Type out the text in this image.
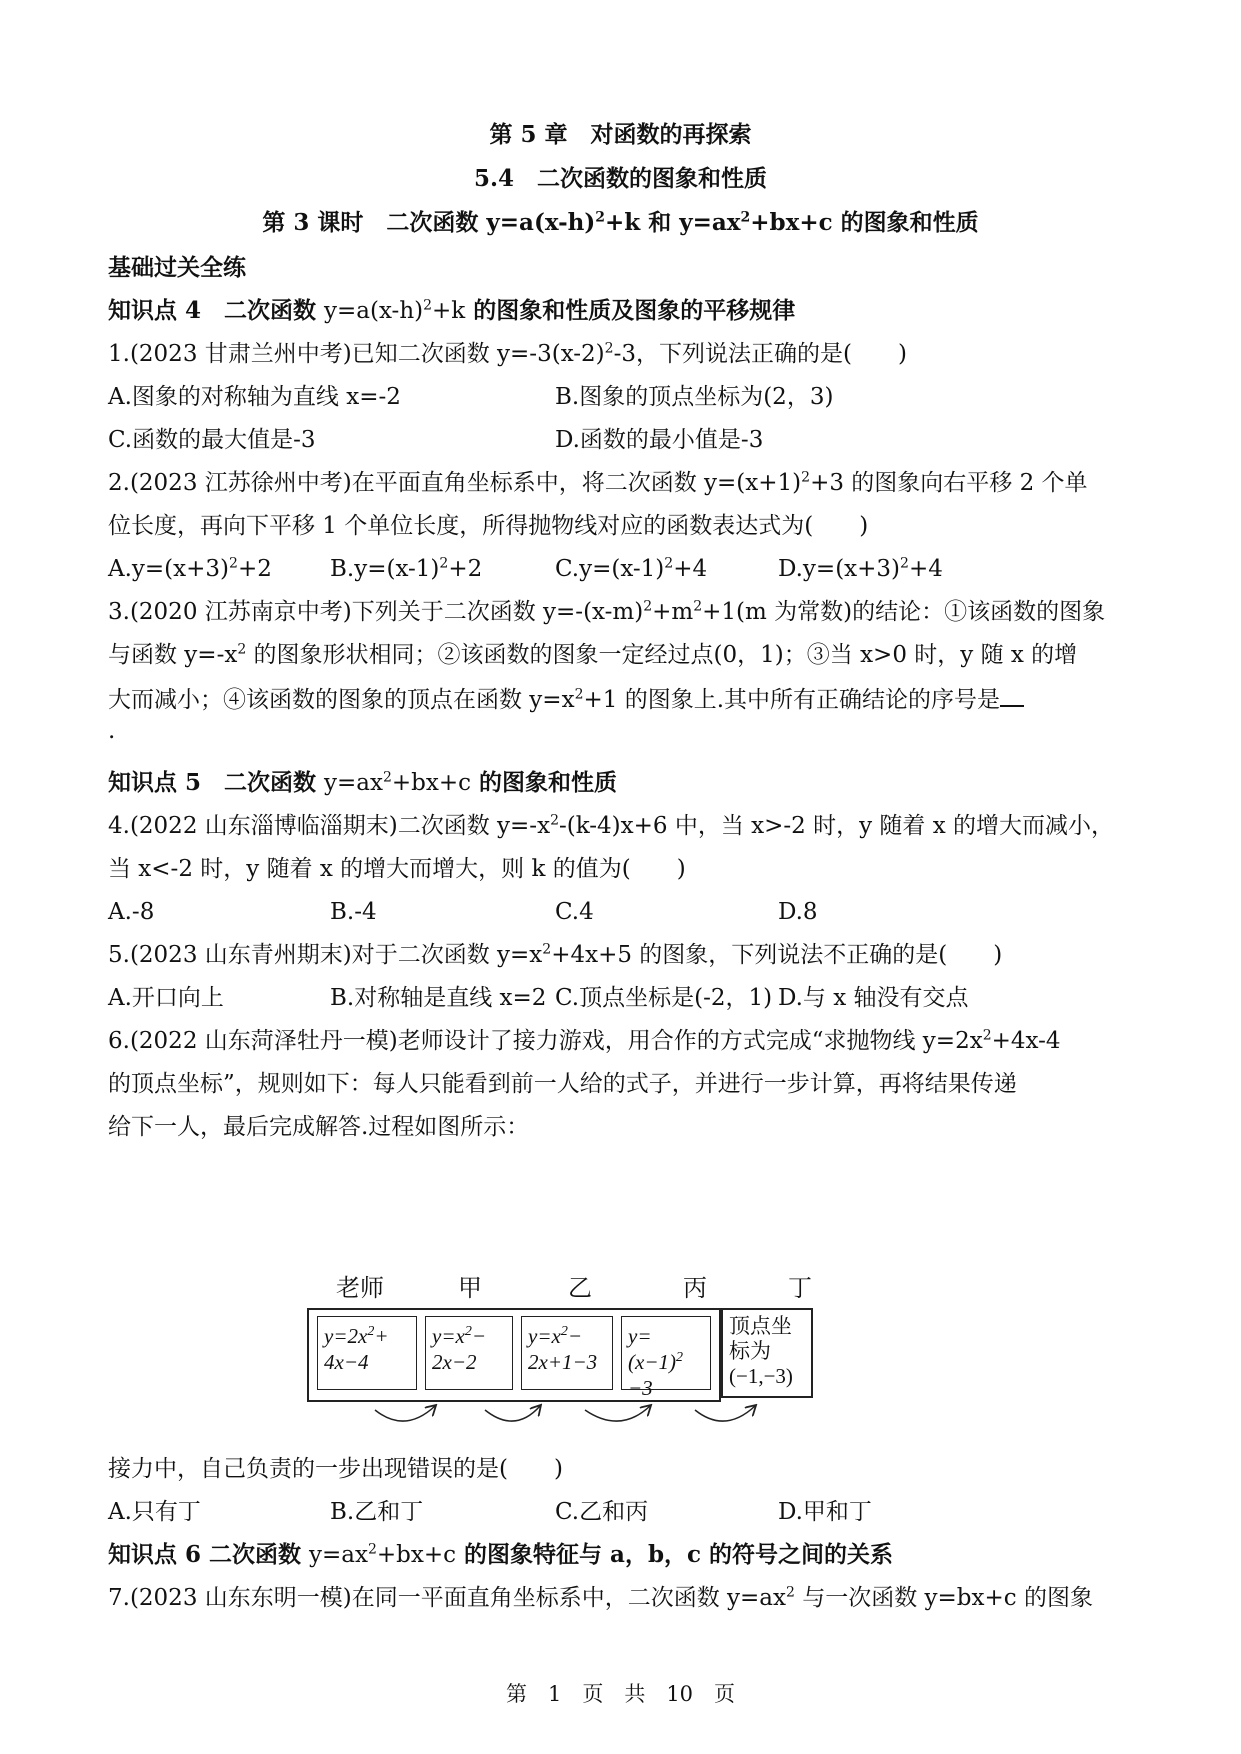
第 5 章　对函数的再探索
5.4　二次函数的图象和性质
第 3 课时　二次函数 $y=a(x-h)^2+k$ 和 $y=ax^2+bx+c$ 的图象和性质
基础过关全练
知识点 4　二次函数 $y=a(x-h)^2+k$ 的图象和性质及图象的平移规律
1.(2023 甘肃兰州中考)已知二次函数 $y=-3(x-2)^2-3$，下列说法正确的是(　　)
A.图象的对称轴为直线 x=-2	B.图象的顶点坐标为(2，3)
C.函数的最大值是-3	D.函数的最小值是-3
2.(2023 江苏徐州中考)在平面直角坐标系中，将二次函数 $y=(x+1)^2+3$ 的图象向右平移 2 个单
位长度，再向下平移 1 个单位长度，所得抛物线对应的函数表达式为(　　)
$A.y=(x+3)^2+2$	$B.y=(x-1)^2+2$	$C.y=(x-1)^2+4$	$D.y=(x+3)^2+4$
3.(2020 江苏南京中考)下列关于二次函数 $y=-(x-m)^2+m^2+1(m$ 为常数)的结论：①该函数的图象
与函数 $y=-x^2$ 的图象形状相同；②该函数的图象一定经过点(0，1)；③当 x>0 时，y 随 x 的增
大而减小；④该函数的图象的顶点在函数 $y=x^2+1$ 的图象上.其中所有正确结论的序号是
.
知识点 5　二次函数 $y=ax^2+bx+c$ 的图象和性质
4.(2022 山东淄博临淄期末)二次函数 $y=-x^2-(k-4)x+6$ 中，当 x>-2 时，y 随着 x 的增大而减小，
当 x<-2 时，y 随着 x 的增大而增大，则 k 的值为(　　)
A.-8	B.-4	C.4	D.8
5.(2023 山东青州期末)对于二次函数 $y=x^2+4x+5$ 的图象，下列说法不正确的是(　　)
A.开口向上	B.对称轴是直线 x=2 C.顶点坐标是(-2，1) D.与 x 轴没有交点
6.(2022 山东菏泽牡丹一模)老师设计了接力游戏，用合作的方式完成“求抛物线 $y=2x^2+4x-4$
的顶点坐标”，规则如下：每人只能看到前一人给的式子，并进行一步计算，再将结果传递
给下一人，最后完成解答.过程如图所示：
老师	甲	乙	丙	丁
$y=2x^2+$
4x−4
$y=x^2-$
2x−2
$y=x^2-$
2x+1−3
$y=(x-1)^2$
−3
顶点坐
标为
(−1,−3)
接力中，自己负责的一步出现错误的是(　　)
A.只有丁	B.乙和丁	C.乙和丙	D.甲和丁
知识点 6 二次函数 $y=ax^2+bx+c$ 的图象特征与 a，b，c 的符号之间的关系
7.(2023 山东东明一模)在同一平面直角坐标系中，二次函数 $y=ax^2$ 与一次函数 y=bx+c 的图象
第　1　页　共　10　页
